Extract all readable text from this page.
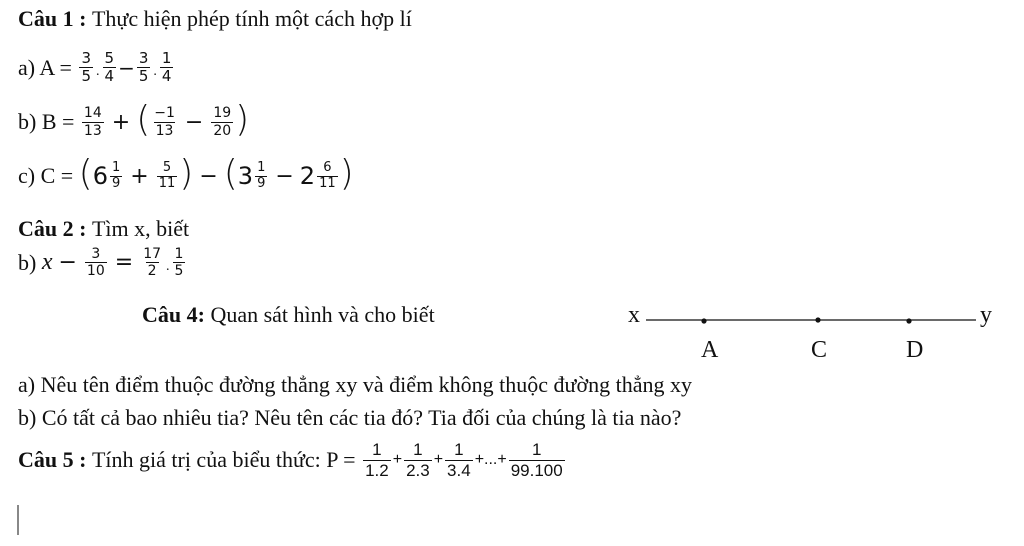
Câu 1 :
Thực hiện phép tính một cách hợp lí
a) A =
$\frac{3}{5}$ . $\frac{5}{4} - \frac{3}{5}$ . $\frac{1}{4}$
b) B =
$\frac{14}{13}$ + ( $\frac{-1}{13} - \frac{19}{20}$ )
c) C =
( $6 \frac{1}{9} + \frac{5}{11}$ ) − ( $3 \frac{1}{9} - 2 \frac{6}{11}$ )
Câu 2 :
Tìm x, biết
b)
$x - \frac{3}{10} = \frac{17}{2}$ . $\frac{1}{5}$
Câu 4:
Quan sát hình và cho biết	x	y
A	C	D
a) Nêu tên điểm thuộc đường thẳng xy và điểm không thuộc đường thẳng xy
b) Có tất cả bao nhiêu tia? Nêu tên các tia đó? Tia đối của chúng là tia nào?
Câu 5 :
Tính giá trị của biểu thức: P =
$\frac{1}{1.2} + \frac{1}{2.3} + \frac{1}{3.4}$ +...+ $\frac{1}{99.100}$
